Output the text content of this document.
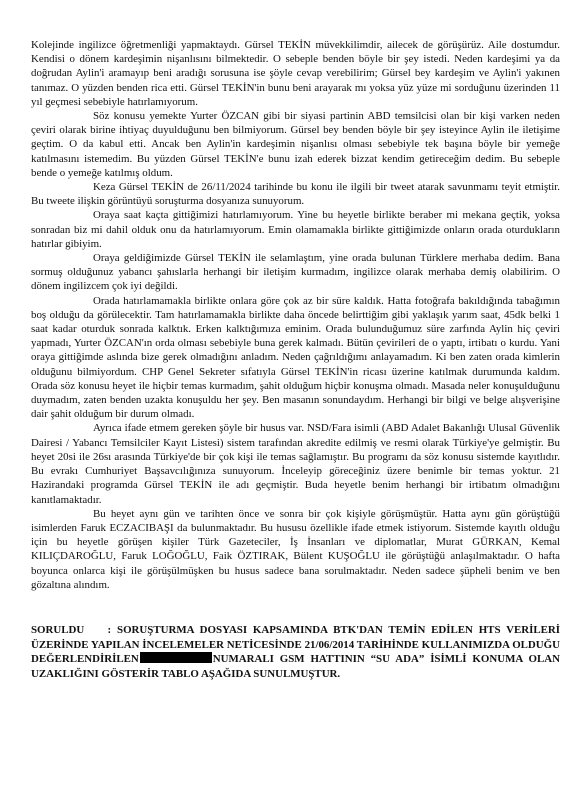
Kolejinde ingilizce öğretmenliği yapmaktaydı. Gürsel TEKİN müvekkilimdir, ailecek de görüşürüz. Aile dostumdur. Kendisi o dönem kardeşimin nişanlısını bilmektedir. O sebeple benden böyle bir şey istedi. Neden kardeşimi ya da doğrudan Aylin'i aramayıp beni aradığı sorusuna ise şöyle cevap verebilirim; Gürsel bey kardeşim ve Aylin'i yakınen tanımaz. O yüzden benden rica etti. Gürsel TEKİN'in bunu beni arayarak mı yoksa yüz yüze mi sorduğunu üzerinden 11 yıl geçmesi sebebiyle hatırlamıyorum.

Söz konusu yemekte Yurter ÖZCAN gibi bir siyasi partinin ABD temsilcisi olan bir kişi varken neden çeviri olarak birine ihtiyaç duyulduğunu ben bilmiyorum. Gürsel bey benden böyle bir şey isteyince Aylin ile iletişime geçtim. O da kabul etti. Ancak ben Aylin'in kardeşimin nişanlısı olması sebebiyle tek başına böyle bir yemeğe katılmasını istemedim. Bu yüzden Gürsel TEKİN'e bunu izah ederek bizzat kendim getireceğim dedim. Bu sebeple bende o yemeğe katılmış oldum.

Keza Gürsel TEKİN de 26/11/2024 tarihinde bu konu ile ilgili bir tweet atarak savunmamı teyit etmiştir. Bu tweete ilişkin görüntüyü soruşturma dosyanıza sunuyorum.

Oraya saat kaçta gittiğimizi hatırlamıyorum. Yine bu heyetle birlikte beraber mi mekana geçtik, yoksa sonradan biz mi dahil olduk onu da hatırlamıyorum. Emin olamamakla birlikte gittiğimizde onların orada oturdukların hatırlar gibiyim.

Oraya geldiğimizde Gürsel TEKİN ile selamlaştım, yine orada bulunan Türklere merhaba dedim. Bana sormuş olduğunuz yabancı şahıslarla herhangi bir iletişim kurmadım, ingilizce olarak merhaba demiş olabilirim. O dönem ingilizcem çok iyi değildi.

Orada hatırlamamakla birlikte onlara göre çok az bir süre kaldık. Hatta fotoğrafa bakıldığında tabağımın boş olduğu da görülecektir. Tam hatırlamamakla birlikte daha öncede belirttiğim gibi yaklaşık yarım saat, 45dk belki 1 saat kadar oturduk sonrada kalktık. Erken kalktığımıza eminim. Orada bulunduğumuz süre zarfında Aylin hiç çeviri yapmadı, Yurter ÖZCAN'ın orda olması sebebiyle buna gerek kalmadı. Bütün çevirileri de o yaptı, irtibatı o kurdu. Yani oraya gittiğimde aslında bize gerek olmadığını anladım. Neden çağrıldığımı anlayamadım. Ki ben zaten orada kimlerin olduğunu bilmiyordum. CHP Genel Sekreter sıfatıyla Gürsel TEKİN'in ricası üzerine katılmak durumunda kaldım. Orada söz konusu heyet ile hiçbir temas kurmadım, şahit olduğum hiçbir konuşma olmadı. Masada neler konuşulduğunu duymadım, zaten benden uzakta konuşuldu her şey. Ben masanın sonundaydım. Herhangi bir bilgi ve belge alışverişine dair şahit olduğum bir durum olmadı.

Ayrıca ifade etmem gereken şöyle bir husus var. NSD/Fara isimli (ABD Adalet Bakanlığı Ulusal Güvenlik Dairesi / Yabancı Temsilciler Kayıt Listesi) sistem tarafından akredite edilmiş ve resmi olarak Türkiye'ye gelmiştir. Bu heyet 20si ile 26sı arasında Türkiye'de bir çok kişi ile temas sağlamıştır. Bu programı da söz konusu sistemde kayıtlıdır. Bu evrakı Cumhuriyet Başsavcılığınıza sunuyorum. İnceleyip göreceğiniz üzere benimle bir temas yoktur. 21 Hazirandaki programda Gürsel TEKİN ile adı geçmiştir. Buda heyetle benim herhangi bir irtibatım olmadığını kanıtlamaktadır.

Bu heyet aynı gün ve tarihten önce ve sonra bir çok kişiyle görüşmüştür. Hatta aynı gün görüştüğü isimlerden Faruk ECZACIBAŞI da bulunmaktadır. Bu hususu özellikle ifade etmek istiyorum. Sistemde kayıtlı olduğu için bu heyetle görüşen kişiler Türk Gazeteciler, İş İnsanları ve diplomatlar, Murat GÜRKAN, Kemal KILIÇDAROĞLU, Faruk LOĞOĞLU, Faik ÖZTIRAK, Bülent KUŞOĞLU ile görüştüğü anlaşılmaktadır. O hafta boyunca onlarca kişi ile görüşülmüşken bu husus sadece bana sorulmaktadır. Neden sadece şüpheli benim ve ben gözaltına alındım.

SORULDU : SORUŞTURMA DOSYASI KAPSAMINDA BTK'DAN TEMİN EDİLEN HTS VERİLERİ ÜZERİNDE YAPILAN İNCELEMELER NETİCESİNDE 21/06/2014 TARİHİNDE KULLANIMIZDA OLDUĞU DEĞERLENDİRİLEN	NUMARALI GSM HATTININ “SU ADA” İSİMLİ KONUMA OLAN UZAKLIĞINI GÖSTERİR TABLO AŞAĞIDA SUNULMUŞTUR.
